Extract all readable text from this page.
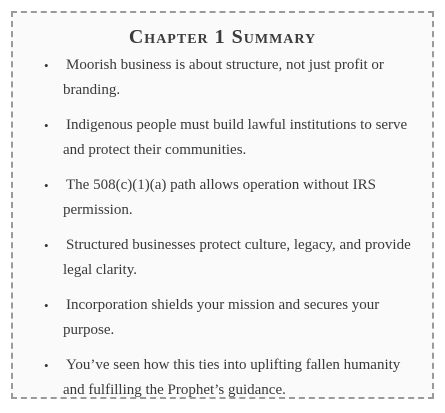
Chapter 1 Summary
• Moorish business is about structure, not just profit or branding.
• Indigenous people must build lawful institutions to serve and protect their communities.
• The 508(c)(1)(a) path allows operation without IRS permission.
• Structured businesses protect culture, legacy, and provide legal clarity.
• Incorporation shields your mission and secures your purpose.
• You’ve seen how this ties into uplifting fallen humanity and fulfilling the Prophet’s guidance.
